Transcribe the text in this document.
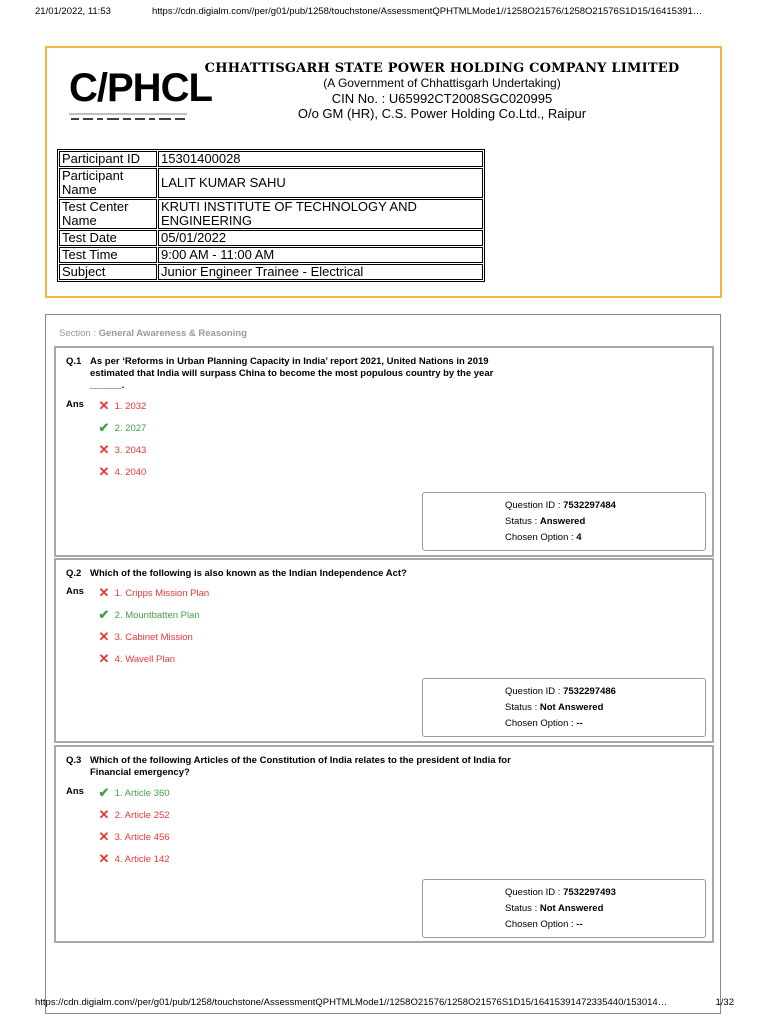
21/01/2022, 11:53	https://cdn.digialm.com//per/g01/pub/1258/touchstone/AssessmentQPHTMLMode1//1258O21576/1258O21576S1D15/16415391…
C/PHCL
CHHATTISGARH STATE POWER HOLDING COMPANY LIMITED
(A Government of Chhattisgarh Undertaking)
CIN No. : U65992CT2008SGC020995
O/o GM (HR), C.S. Power Holding Co.Ltd., Raipur
Participant ID	15301400028
Participant Name	LALIT KUMAR SAHU
Test Center Name	KRUTI INSTITUTE OF TECHNOLOGY AND ENGINEERING
Test Date	05/01/2022
Test Time	9:00 AM - 11:00 AM
Subject	Junior Engineer Trainee - Electrical
Section : General Awareness & Reasoning
Q.1 As per ‘Reforms in Urban Planning Capacity in India’ report 2021, United Nations in 2019 estimated that India will surpass China to become the most populous country by the year ______.
Ans ✕ 1. 2032
✔ 2. 2027
✕ 3. 2043
✕ 4. 2040
Question ID : 7532297484
Status : Answered
Chosen Option : 4
Q.2 Which of the following is also known as the Indian Independence Act?
Ans ✕ 1. Cripps Mission Plan
✔ 2. Mountbatten Plan
✕ 3. Cabinet Mission
✕ 4. Wavell Plan
Question ID : 7532297486
Status : Not Answered
Chosen Option : --
Q.3 Which of the following Articles of the Constitution of India relates to the president of India for Financial emergency?
Ans ✔ 1. Article 360
✕ 2. Article 252
✕ 3. Article 456
✕ 4. Article 142
Question ID : 7532297493
Status : Not Answered
Chosen Option : --
https://cdn.digialm.com//per/g01/pub/1258/touchstone/AssessmentQPHTMLMode1//1258O21576/1258O21576S1D15/16415391472335440/153014…	1/32
